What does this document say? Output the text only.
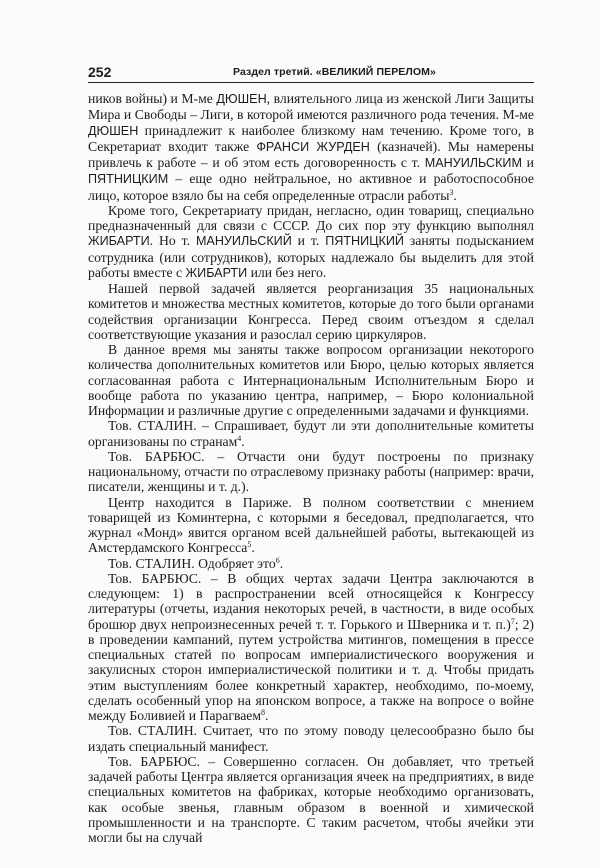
252	Раздел третий. «ВЕЛИКИЙ ПЕРЕЛОМ»

ников войны) и М-ме ДЮШЕН, влиятельного лица из женской Лиги Защиты Мира и Свободы – Лиги, в которой имеются различного рода течения. М-ме ДЮШЕН принадлежит к наиболее близкому нам течению. Кроме того, в Секретариат входит также ФРАНСИ ЖУРДЕН (казначей). Мы намерены привлечь к работе – и об этом есть договоренность с т. МАНУИЛЬСКИМ и ПЯТНИЦКИМ – еще одно нейтральное, но активное и работоспособное лицо, которое взяло бы на себя определенные отрасли работы$^3$.

Кроме того, Секретариату придан, негласно, один товарищ, специально предназначенный для связи с СССР. До сих пор эту функцию выполнял ЖИБАРТИ. Но т. МАНУИЛЬСКИЙ и т. ПЯТНИЦКИЙ заняты подысканием сотрудника (или сотрудников), которых надлежало бы выделить для этой работы вместе с ЖИБАРТИ или без него.

Нашей первой задачей является реорганизация 35 национальных комитетов и множества местных комитетов, которые до того были органами содействия организации Конгресса. Перед своим отъездом я сделал соответствующие указания и разослал серию циркуляров.

В данное время мы заняты также вопросом организации некоторого количества дополнительных комитетов или Бюро, целью которых является согласованная работа с Интернациональным Исполнительным Бюро и вообще работа по указанию центра, например, – Бюро колониальной Информации и различные другие с определенными задачами и функциями.

Тов. СТАЛИН. – Спрашивает, будут ли эти дополнительные комитеты организованы по странам$^4$.

Тов. БАРБЮС. – Отчасти они будут построены по признаку национальному, отчасти по отраслевому признаку работы (например: врачи, писатели, женщины и т. д.).

Центр находится в Париже. В полном соответствии с мнением товарищей из Коминтерна, с которыми я беседовал, предполагается, что журнал «Монд» явится органом всей дальнейшей работы, вытекающей из Амстердамского Конгресса$^5$.

Тов. СТАЛИН. Одобряет это$^6$.

Тов. БАРБЮС. – В общих чертах задачи Центра заключаются в следующем: 1) в распространении всей относящейся к Конгрессу литературы (отчеты, издания некоторых речей, в частности, в виде особых брошюр двух непроизнесенных речей т. т. Горького и Шверника и т. п.)$^7$; 2) в проведении кампаний, путем устройства митингов, помещения в прессе специальных статей по вопросам империалистического вооружения и закулисных сторон империалистической политики и т. д. Чтобы придать этим выступлениям более конкретный характер, необходимо, по-моему, сделать особенный упор на японском вопросе, а также на вопросе о войне между Боливией и Парагваем$^8$.

Тов. СТАЛИН. Считает, что по этому поводу целесообразно было бы издать специальный манифест.

Тов. БАРБЮС. – Совершенно согласен. Он добавляет, что третьей задачей работы Центра является организация ячеек на предприятиях, в виде специальных комитетов на фабриках, которые необходимо организовать, как особые звенья, главным образом в военной и химической промышленности и на транспорте. С таким расчетом, чтобы ячейки эти могли бы на случай
